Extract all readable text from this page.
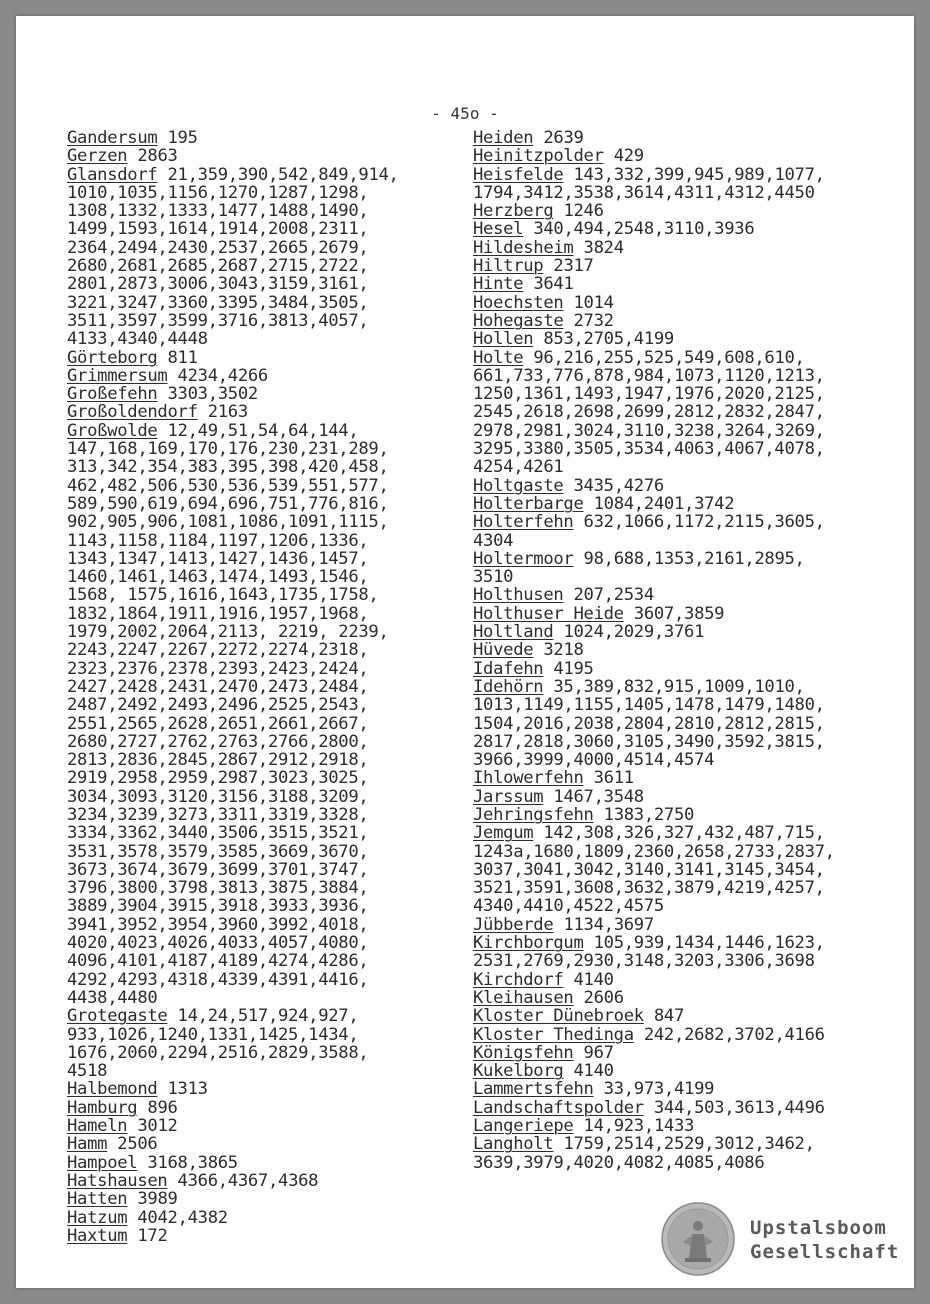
- 45o -
Gandersum 195
Gerzen 2863
Glansdorf 21,359,390,542,849,914,
1010,1035,1156,1270,1287,1298,
1308,1332,1333,1477,1488,1490,
1499,1593,1614,1914,2008,2311,
2364,2494,2430,2537,2665,2679,
2680,2681,2685,2687,2715,2722,
2801,2873,3006,3043,3159,3161,
3221,3247,3360,3395,3484,3505,
3511,3597,3599,3716,3813,4057,
4133,4340,4448
Görteborg 811
Grimmersum 4234,4266
Großefehn 3303,3502
Großoldendorf 2163
Großwolde 12,49,51,54,64,144,
147,168,169,170,176,230,231,289,
313,342,354,383,395,398,420,458,
462,482,506,530,536,539,551,577,
589,590,619,694,696,751,776,816,
902,905,906,1081,1086,1091,1115,
1143,1158,1184,1197,1206,1336,
1343,1347,1413,1427,1436,1457,
1460,1461,1463,1474,1493,1546,
1568, 1575,1616,1643,1735,1758,
1832,1864,1911,1916,1957,1968,
1979,2002,2064,2113, 2219, 2239,
2243,2247,2267,2272,2274,2318,
2323,2376,2378,2393,2423,2424,
2427,2428,2431,2470,2473,2484,
2487,2492,2493,2496,2525,2543,
2551,2565,2628,2651,2661,2667,
2680,2727,2762,2763,2766,2800,
2813,2836,2845,2867,2912,2918,
2919,2958,2959,2987,3023,3025,
3034,3093,3120,3156,3188,3209,
3234,3239,3273,3311,3319,3328,
3334,3362,3440,3506,3515,3521,
3531,3578,3579,3585,3669,3670,
3673,3674,3679,3699,3701,3747,
3796,3800,3798,3813,3875,3884,
3889,3904,3915,3918,3933,3936,
3941,3952,3954,3960,3992,4018,
4020,4023,4026,4033,4057,4080,
4096,4101,4187,4189,4274,4286,
4292,4293,4318,4339,4391,4416,
4438,4480
Grotegaste 14,24,517,924,927,
933,1026,1240,1331,1425,1434,
1676,2060,2294,2516,2829,3588,
4518
Halbemond 1313
Hamburg 896
Hameln 3012
Hamm 2506
Hampoel 3168,3865
Hatshausen 4366,4367,4368
Hatten 3989
Hatzum 4042,4382
Haxtum 172
Heiden 2639
Heinitzpolder 429
Heisfelde 143,332,399,945,989,1077,
1794,3412,3538,3614,4311,4312,4450
Herzberg 1246
Hesel 340,494,2548,3110,3936
Hildesheim 3824
Hiltrup 2317
Hinte 3641
Hoechsten 1014
Hohegaste 2732
Hollen 853,2705,4199
Holte 96,216,255,525,549,608,610,
661,733,776,878,984,1073,1120,1213,
1250,1361,1493,1947,1976,2020,2125,
2545,2618,2698,2699,2812,2832,2847,
2978,2981,3024,3110,3238,3264,3269,
3295,3380,3505,3534,4063,4067,4078,
4254,4261
Holtgaste 3435,4276
Holterbarge 1084,2401,3742
Holterfehn 632,1066,1172,2115,3605,
4304
Holtermoor 98,688,1353,2161,2895,
3510
Holthusen 207,2534
Holthuser Heide 3607,3859
Holtland 1024,2029,3761
Hüvede 3218
Idafehn 4195
Idehörn 35,389,832,915,1009,1010,
1013,1149,1155,1405,1478,1479,1480,
1504,2016,2038,2804,2810,2812,2815,
2817,2818,3060,3105,3490,3592,3815,
3966,3999,4000,4514,4574
Ihlowerfehn 3611
Jarssum 1467,3548
Jehringsfehn 1383,2750
Jemgum 142,308,326,327,432,487,715,
1243a,1680,1809,2360,2658,2733,2837,
3037,3041,3042,3140,3141,3145,3454,
3521,3591,3608,3632,3879,4219,4257,
4340,4410,4522,4575
Jübberde 1134,3697
Kirchborgum 105,939,1434,1446,1623,
2531,2769,2930,3148,3203,3306,3698
Kirchdorf 4140
Kleihausen 2606
Kloster Dünebroek 847
Kloster Thedinga 242,2682,3702,4166
Königsfehn 967
Kukelborg 4140
Lammertsfehn 33,973,4199
Landschaftspolder 344,503,3613,4496
Langeriepe 14,923,1433
Langholt 1759,2514,2529,3012,3462,
3639,3979,4020,4082,4085,4086
Upstalsboom
Gesellschaft
